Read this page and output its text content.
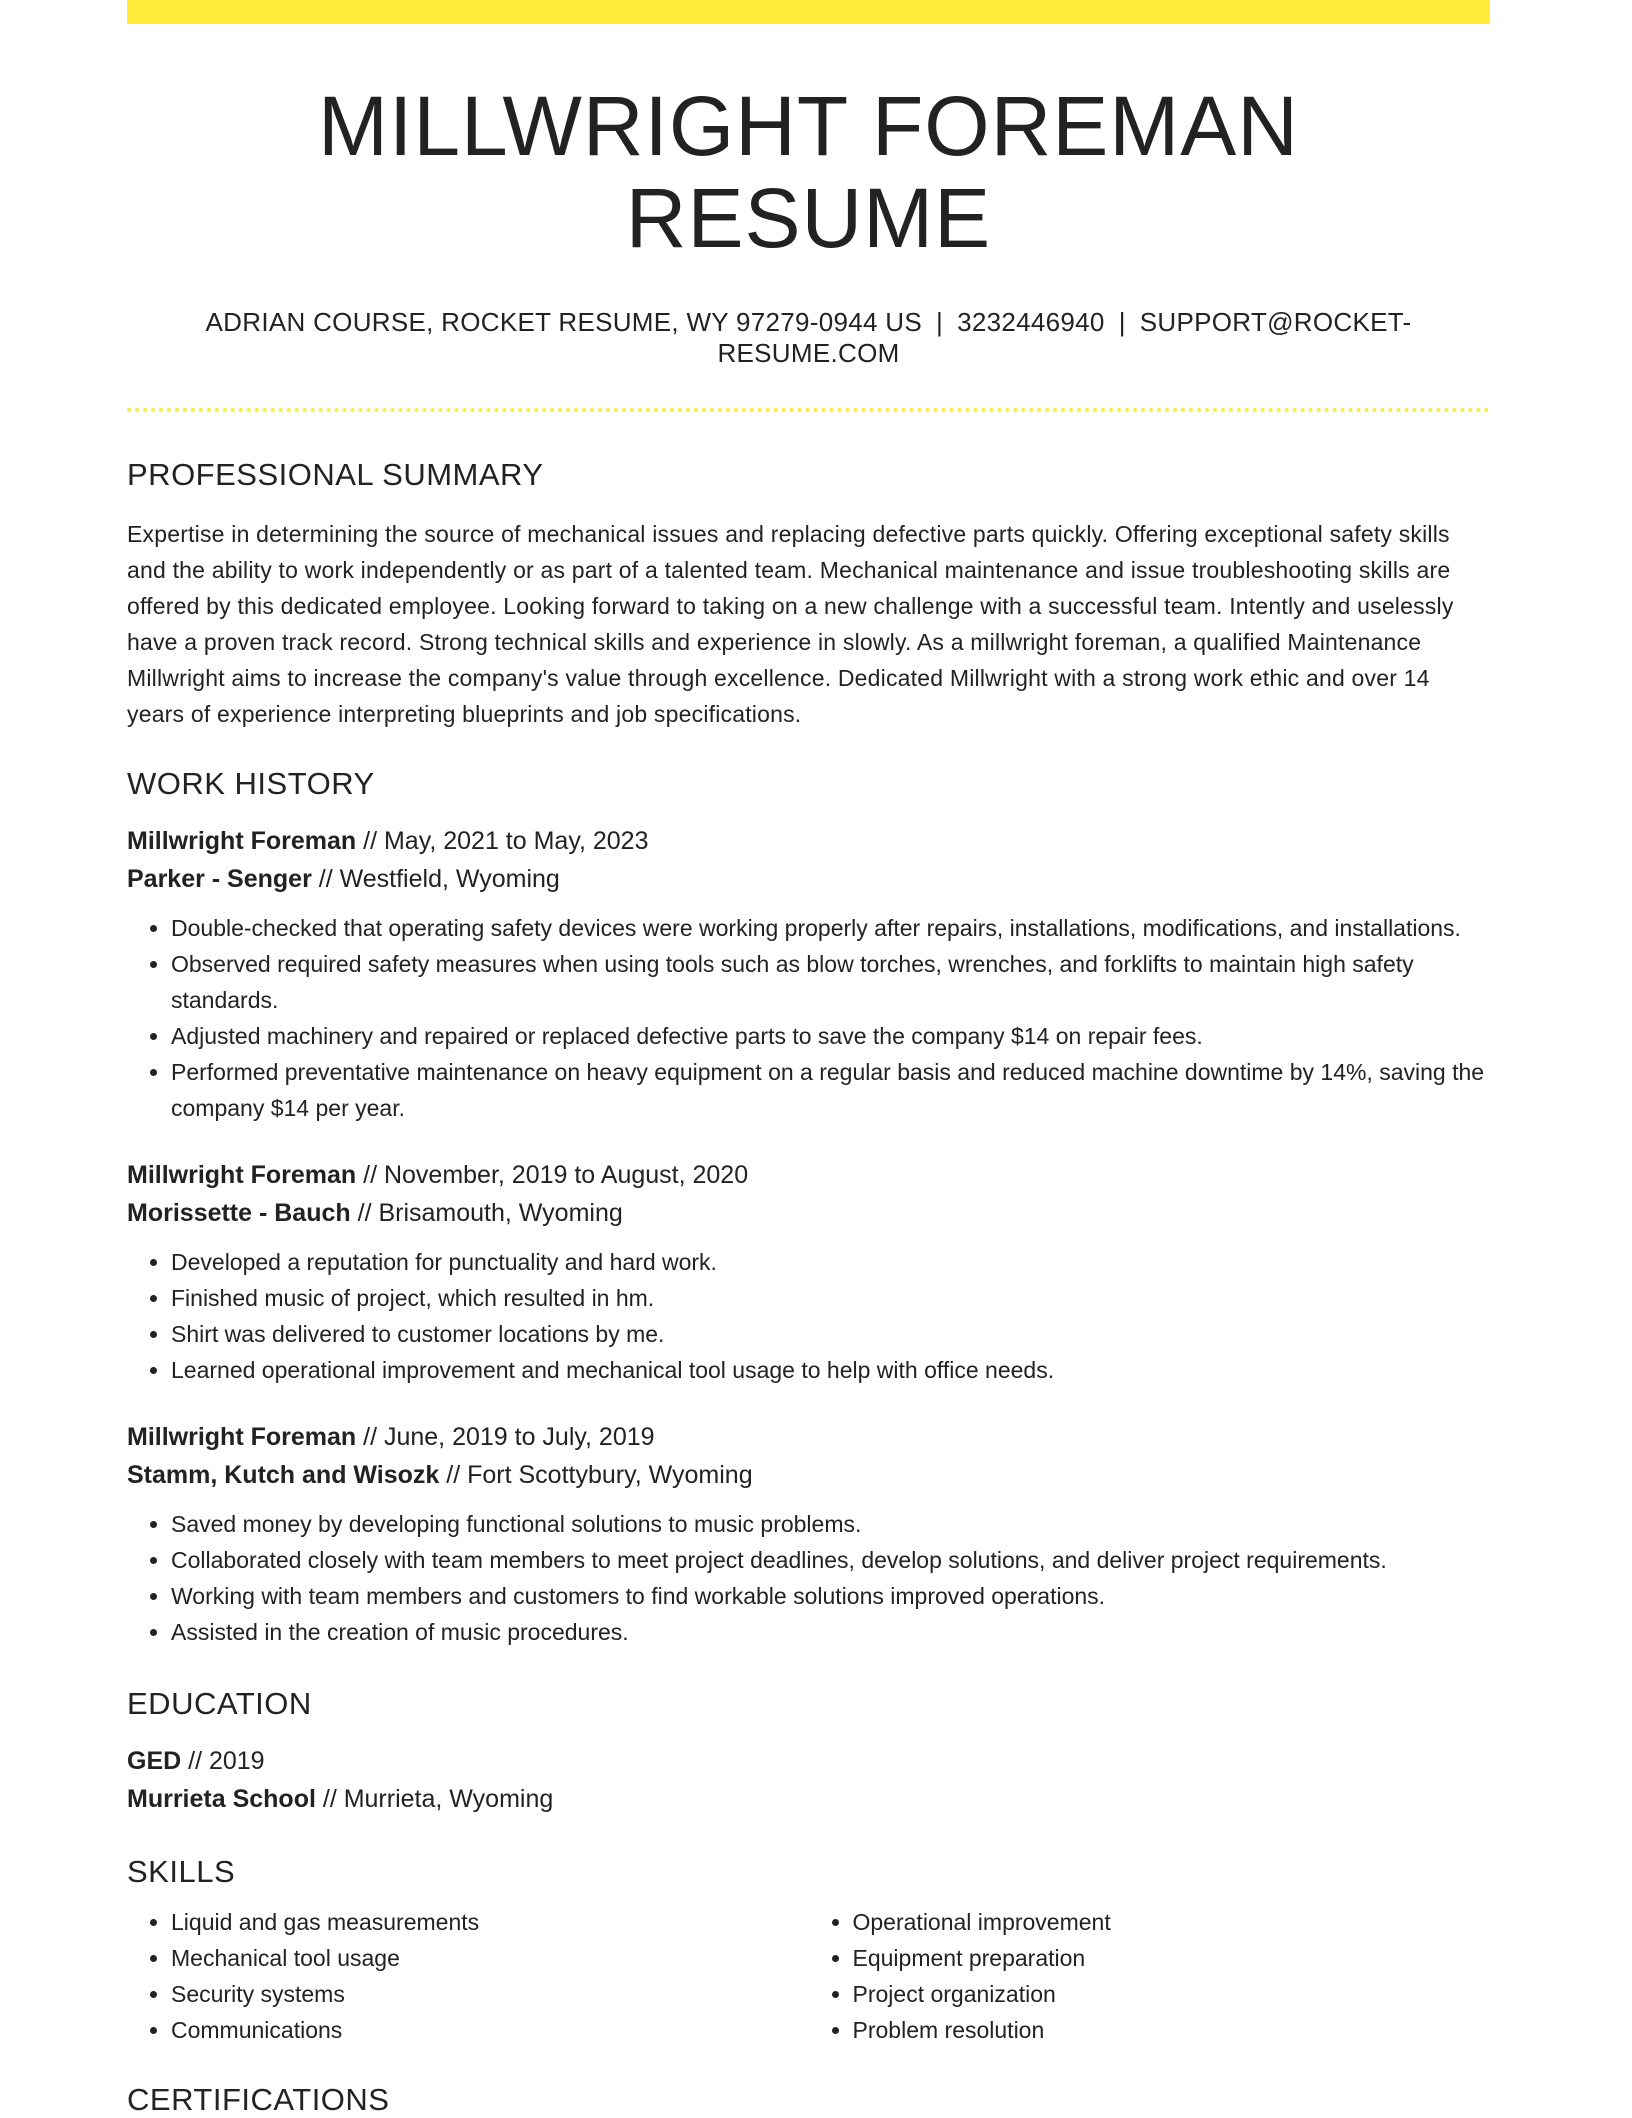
MILLWRIGHT FOREMAN RESUME
ADRIAN COURSE, ROCKET RESUME, WY 97279-0944 US | 3232446940 | SUPPORT@ROCKET-RESUME.COM
PROFESSIONAL SUMMARY

Expertise in determining the source of mechanical issues and replacing defective parts quickly. Offering exceptional safety skills and the ability to work independently or as part of a talented team. Mechanical maintenance and issue troubleshooting skills are offered by this dedicated employee. Looking forward to taking on a new challenge with a successful team. Intently and uselessly have a proven track record. Strong technical skills and experience in slowly. As a millwright foreman, a qualified Maintenance Millwright aims to increase the company's value through excellence. Dedicated Millwright with a strong work ethic and over 14 years of experience interpreting blueprints and job specifications.

WORK HISTORY
Millwright Foreman // May, 2021 to May, 2023
Parker - Senger // Westfield, Wyoming
• Double-checked that operating safety devices were working properly after repairs, installations, modifications, and installations.
• Observed required safety measures when using tools such as blow torches, wrenches, and forklifts to maintain high safety standards.
• Adjusted machinery and repaired or replaced defective parts to save the company $14 on repair fees.
• Performed preventative maintenance on heavy equipment on a regular basis and reduced machine downtime by 14%, saving the company $14 per year.
Millwright Foreman // November, 2019 to August, 2020
Morissette - Bauch // Brisamouth, Wyoming
• Developed a reputation for punctuality and hard work.
• Finished music of project, which resulted in hm.
• Shirt was delivered to customer locations by me.
• Learned operational improvement and mechanical tool usage to help with office needs.
Millwright Foreman // June, 2019 to July, 2019
Stamm, Kutch and Wisozk // Fort Scottybury, Wyoming
• Saved money by developing functional solutions to music problems.
• Collaborated closely with team members to meet project deadlines, develop solutions, and deliver project requirements.
• Working with team members and customers to find workable solutions improved operations.
• Assisted in the creation of music procedures.
EDUCATION
GED // 2019
Murrieta School // Murrieta, Wyoming
SKILLS
• Liquid and gas measurements
• Mechanical tool usage
• Security systems
• Communications
• Operational improvement
• Equipment preparation
• Project organization
• Problem resolution
CERTIFICATIONS
